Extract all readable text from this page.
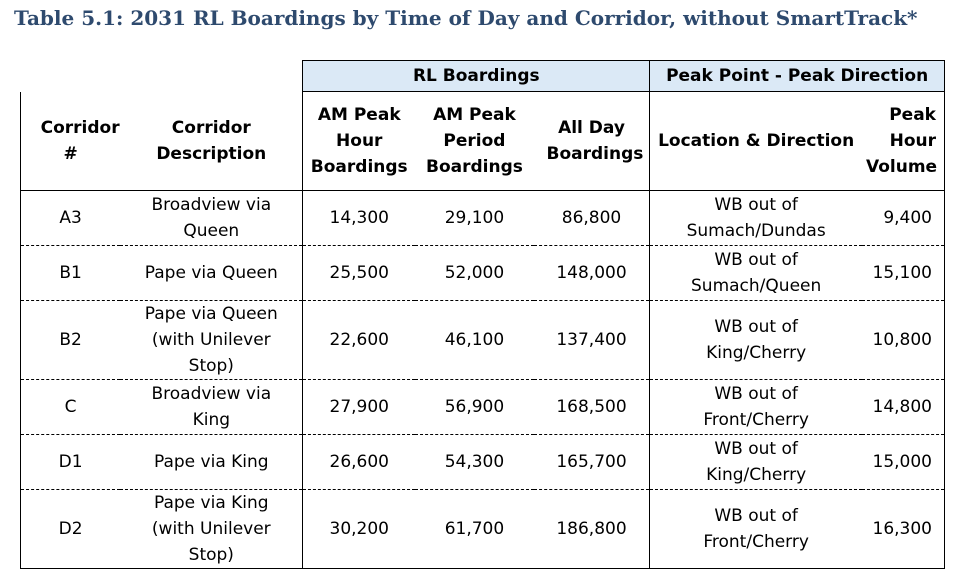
Table 5.1: 2031 RL Boardings by Time of Day and Corridor, without SmartTrack*
		RL Boardings			Peak Point - Peak Direction	

Corridor #	Corridor Description	AM Peak Hour Boardings	AM Peak Period Boardings	All Day Boardings	Location & Direction	Peak Hour Volume

A3	Broadview via Queen	14,300	29,100	86,800	WB out of Sumach/Dundas	9,400

B1	Pape via Queen	25,500	52,000	148,000	WB out of Sumach/Queen	15,100

B2	Pape via Queen (with Unilever Stop)	22,600	46,100	137,400	WB out of King/Cherry	10,800

C	Broadview via King	27,900	56,900	168,500	WB out of Front/Cherry	14,800

D1	Pape via King	26,600	54,300	165,700	WB out of King/Cherry	15,000

D2	Pape via King (with Unilever Stop)	30,200	61,700	186,800	WB out of Front/Cherry	16,300
